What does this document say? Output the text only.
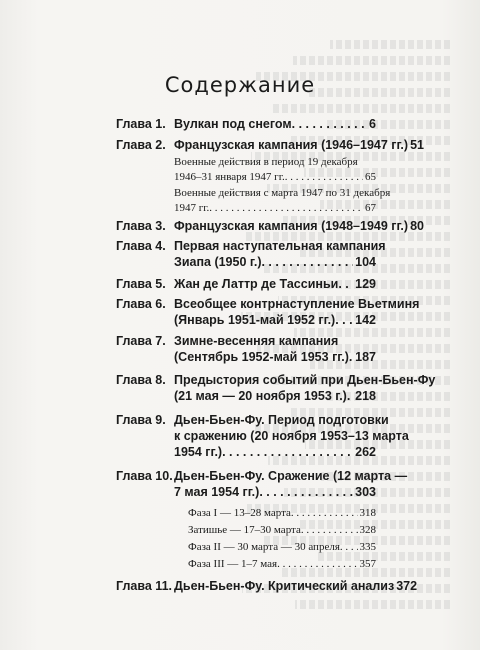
Содержание
Глава 1. Вулкан под снегом . . .	6
Глава 2. Французская кампания (1946–1947 гг.) 51
Военные действия в период 19 декабря
1946–31 января 1947 гг. . . .	65
Военные действия с марта 1947 по 31 декабря
1947 гг. . . .	67
Глава 3. Французская кампания (1948–1949 гг.) 80
Глава 4. Первая наступательная кампания
Зиапа (1950 г.) . . .	104
Глава 5. Жан де Латтр де Тассиньи . . . 129
Глава 6. Всеобщее контрнаступление Вьетминя
(Январь 1951-май 1952 гг.) . . . 142
Глава 7. Зимне-весенняя кампания
(Сентябрь 1952-май 1953 гг.) . . . 187
Глава 8. Предыстория событий при Дьен-Бьен-Фу
(21 мая — 20 ноября 1953 г.) . . . 218
Глава 9. Дьен-Бьен-Фу. Период подготовки
к сражению (20 ноября 1953–13 марта
1954 гг.) . . .	262
Глава 10. Дьен-Бьен-Фу. Сражение (12 марта —
7 мая 1954 гг.) . . .	303
Фаза I — 13–28 марта . . .	318
Затишье — 17–30 марта . . .	328
Фаза II — 30 марта — 30 апреля . . . 335
Фаза III — 1–7 мая . . .	357
Глава 11. Дьен-Бьен-Фу. Критический анализ 372
